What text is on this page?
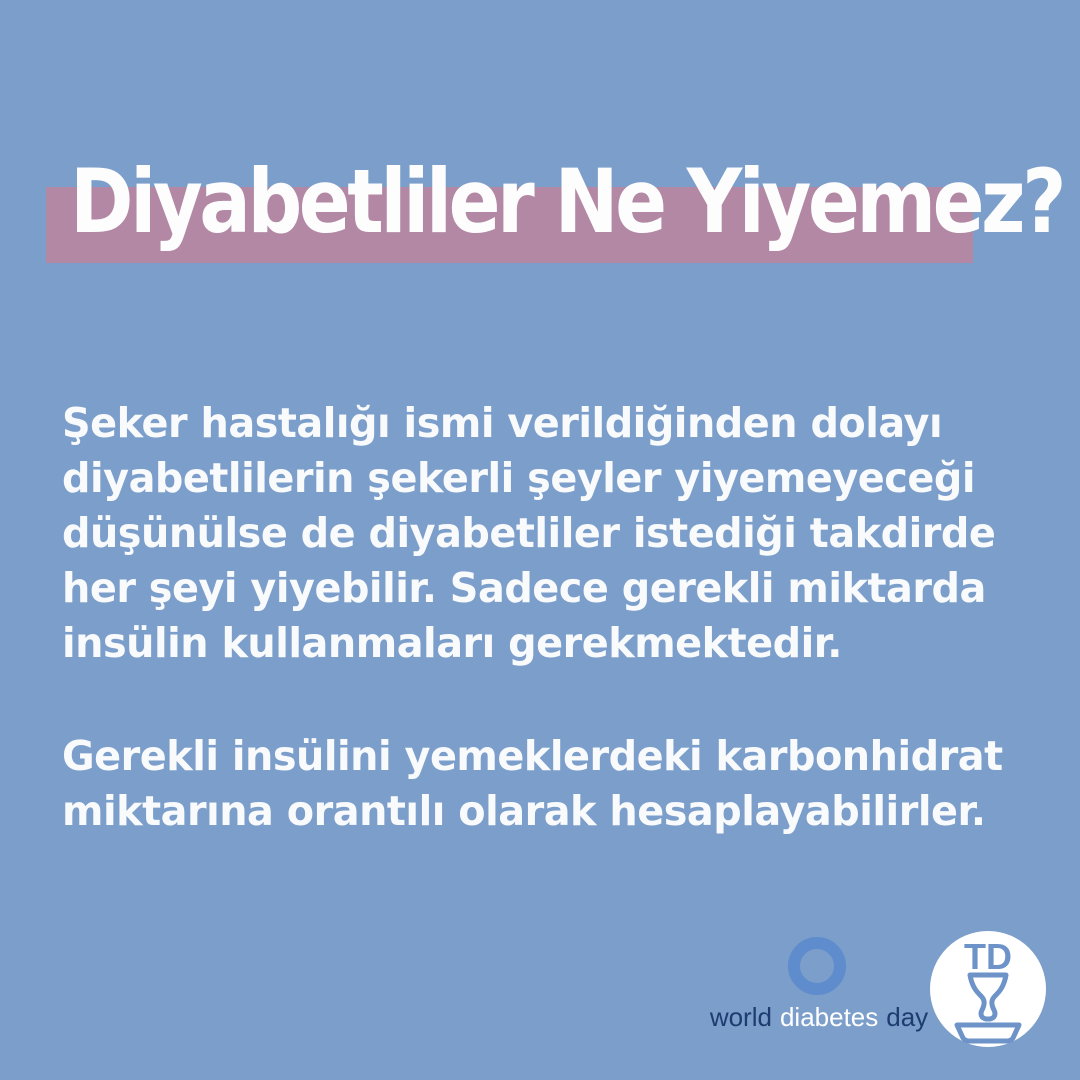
Diyabetliler Ne Yiyemez?
Şeker hastalığı ismi verildiğinden dolayı
diyabetlilerin şekerli şeyler yiyemeyeceği
düşünülse de diyabetliler istediği takdirde
her şeyi yiyebilir. Sadece gerekli miktarda
insülin kullanmaları gerekmektedir.
Gerekli insülini yemeklerdeki karbonhidrat
miktarına orantılı olarak hesaplayabilirler.
world diabetes day
TD
